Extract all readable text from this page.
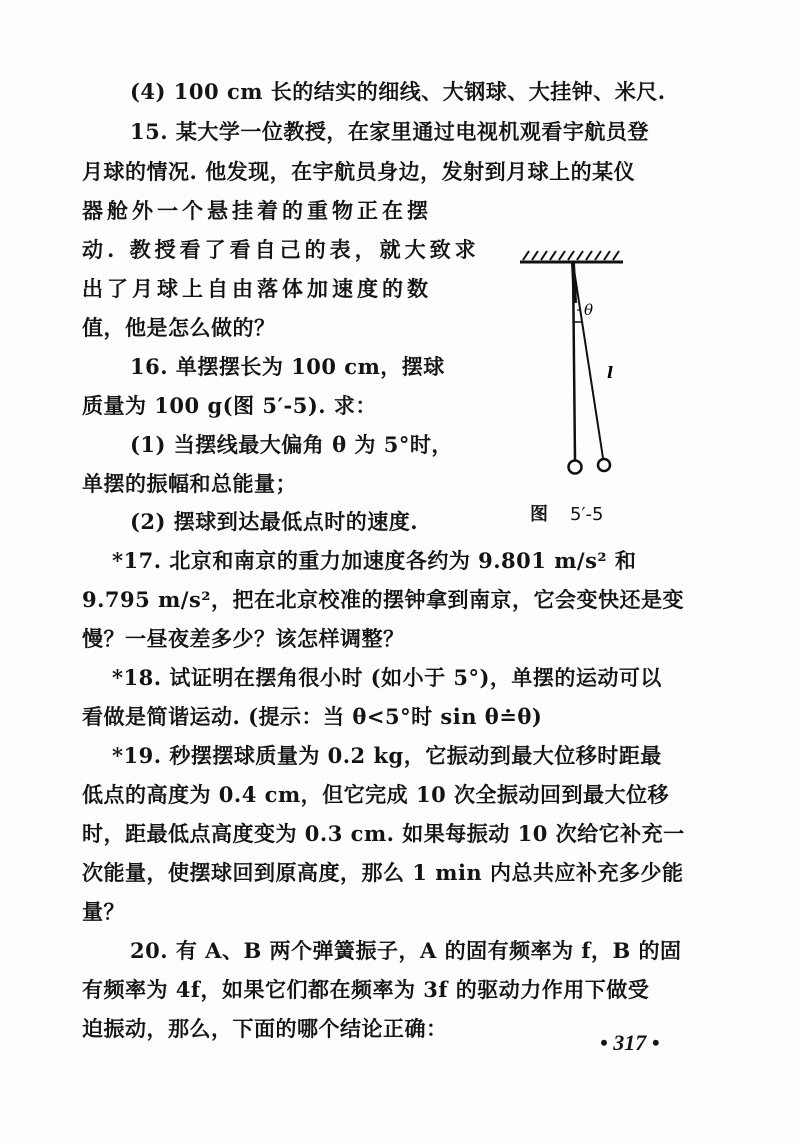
(4) 100 cm 长的结实的细线、大钢球、大挂钟、米尺.
15. 某大学一位教授，在家里通过电视机观看宇航员登
月球的情况. 他发现，在宇航员身边，发射到月球上的某仪
器舱外一个悬挂着的重物正在摆
动. 教授看了看自己的表，就大致求
出了月球上自由落体加速度的数
值，他是怎么做的？
16. 单摆摆长为 100 cm，摆球
质量为 100 g(图 5′-5). 求：
(1) 当摆线最大偏角 θ 为 5°时，
单摆的振幅和总能量；
(2) 摆球到达最低点时的速度.
θ
l
图 5′-5
*17. 北京和南京的重力加速度各约为 9.801 m/s² 和
9.795 m/s²，把在北京校准的摆钟拿到南京，它会变快还是变
慢？一昼夜差多少？该怎样调整？
*18. 试证明在摆角很小时 (如小于 5°)，单摆的运动可以
看做是简谐运动. (提示：当 θ<5°时 sin θ≐θ)
*19. 秒摆摆球质量为 0.2 kg，它振动到最大位移时距最
低点的高度为 0.4 cm，但它完成 10 次全振动回到最大位移
时，距最低点高度变为 0.3 cm. 如果每振动 10 次给它补充一
次能量，使摆球回到原高度，那么 1 min 内总共应补充多少能
量？
20. 有 A、B 两个弹簧振子，A 的固有频率为 f，B 的固
有频率为 4f，如果它们都在频率为 3f 的驱动力作用下做受
迫振动，那么，下面的哪个结论正确：
• 317 •
